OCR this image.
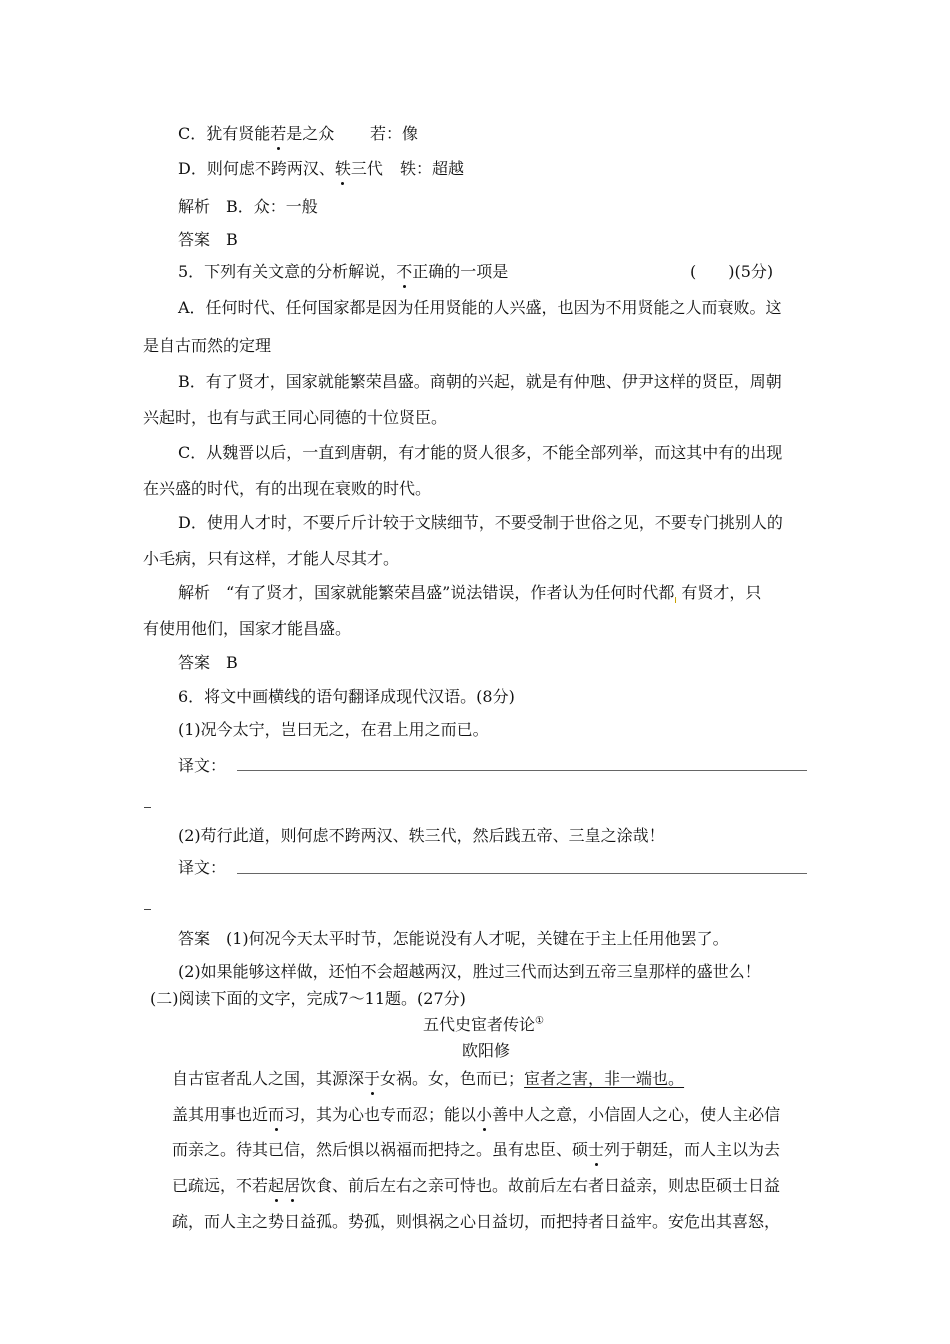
C．犹有贤能若是之众 若：像
D．则何虑不跨两汉、轶三代 轶：超越
解析　B．众：一般
答案　B
5．下列有关文意的分析解说，不正确的一项是	(　　)(5分)
A．任何时代、任何国家都是因为任用贤能的人兴盛，也因为不用贤能之人而衰败。这
是自古而然的定理
B．有了贤才，国家就能繁荣昌盛。商朝的兴起，就是有仲虺、伊尹这样的贤臣，周朝
兴起时，也有与武王同心同德的十位贤臣。
C．从魏晋以后，一直到唐朝，有才能的贤人很多，不能全部列举，而这其中有的出现
在兴盛的时代，有的出现在衰败的时代。
D．使用人才时，不要斤斤计较于文牍细节，不要受制于世俗之见，不要专门挑别人的
小毛病，只有这样，才能人尽其才。
解析　“有了贤才，国家就能繁荣昌盛”说法错误，作者认为任何时代都 有贤才，只
有使用他们，国家才能昌盛。
答案　B
6．将文中画横线的语句翻译成现代汉语。(8分)
(1)况今太宁，岂曰无之，在君上用之而已。
译文：
(2)苟行此道，则何虑不跨两汉、轶三代，然后践五帝、三皇之涂哉！
译文：
答案　(1)何况今天太平时节，怎能说没有人才呢，关键在于主上任用他罢了。
(2)如果能够这样做，还怕不会超越两汉，胜过三代而达到五帝三皇那样的盛世么！
(二)阅读下面的文字，完成7～11题。(27分)
五代史宦者传论①
欧阳修
自古宦者乱人之国，其源深于女祸。女，色而已；宦者之害，非一端也。
盖其用事也近而习，其为心也专而忍；能以小善中人之意，小信固人之心，使人主必信
而亲之。待其已信，然后惧以祸福而把持之。虽有忠臣、硕士列于朝廷，而人主以为去
已疏远，不若起居饮食、前后左右之亲可恃也。故前后左右者日益亲，则忠臣硕士日益
疏，而人主之势日益孤。势孤，则惧祸之心日益切，而把持者日益牢。安危出其喜怒，
